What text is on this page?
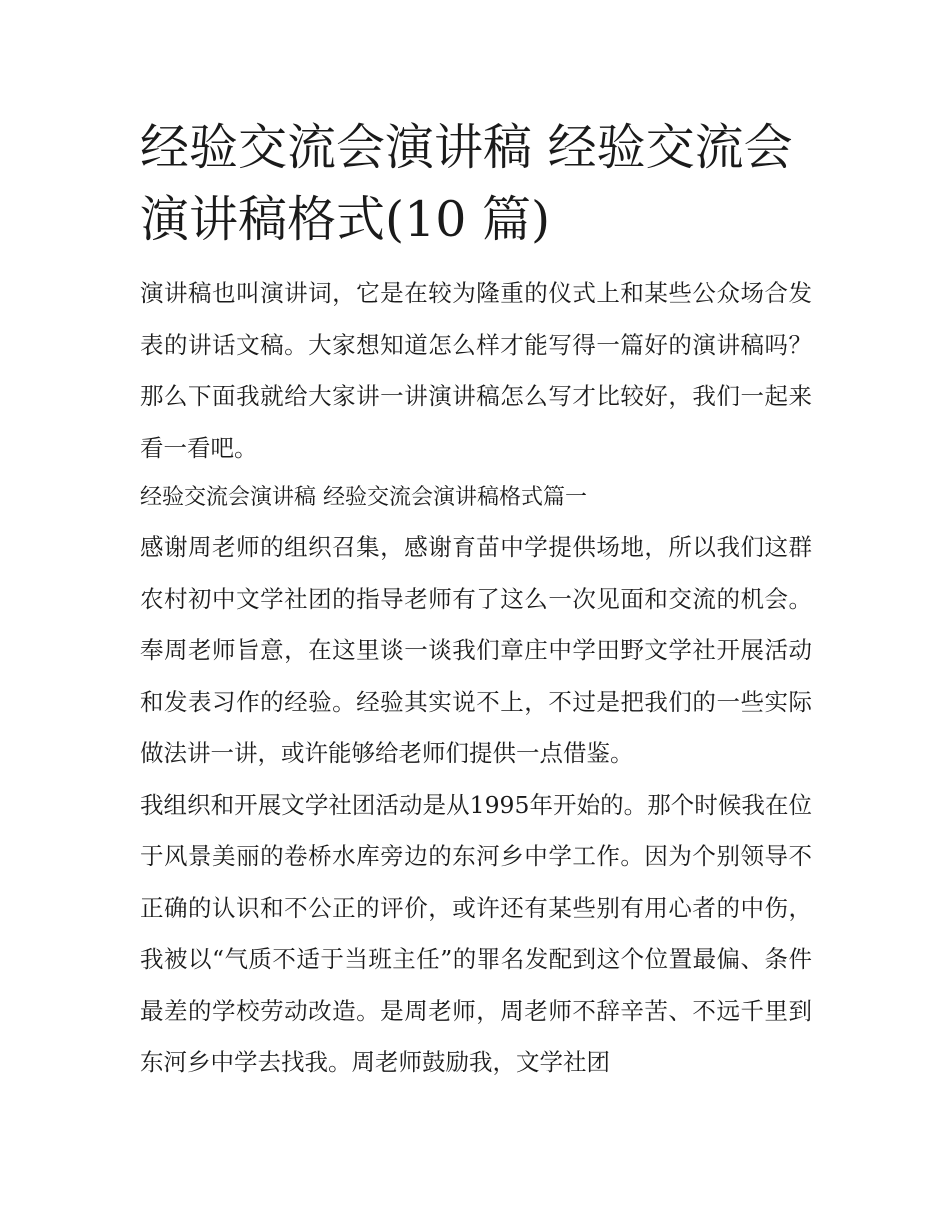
经验交流会演讲稿 经验交流会演讲稿格式(10 篇)

演讲稿也叫演讲词，它是在较为隆重的仪式上和某些公众场合发表的讲话文稿。大家想知道怎么样才能写得一篇好的演讲稿吗？那么下面我就给大家讲一讲演讲稿怎么写才比较好，我们一起来看一看吧。

经验交流会演讲稿 经验交流会演讲稿格式篇一

感谢周老师的组织召集，感谢育苗中学提供场地，所以我们这群农村初中文学社团的指导老师有了这么一次见面和交流的机会。奉周老师旨意，在这里谈一谈我们章庄中学田野文学社开展活动和发表习作的经验。经验其实说不上，不过是把我们的一些实际做法讲一讲，或许能够给老师们提供一点借鉴。

我组织和开展文学社团活动是从1995年开始的。那个时候我在位于风景美丽的卷桥水库旁边的东河乡中学工作。因为个别领导不正确的认识和不公正的评价，或许还有某些别有用心者的中伤，我被以“气质不适于当班主任”的罪名发配到这个位置最偏、条件最差的学校劳动改造。是周老师，周老师不辞辛苦、不远千里到东河乡中学去找我。周老师鼓励我，文学社团
